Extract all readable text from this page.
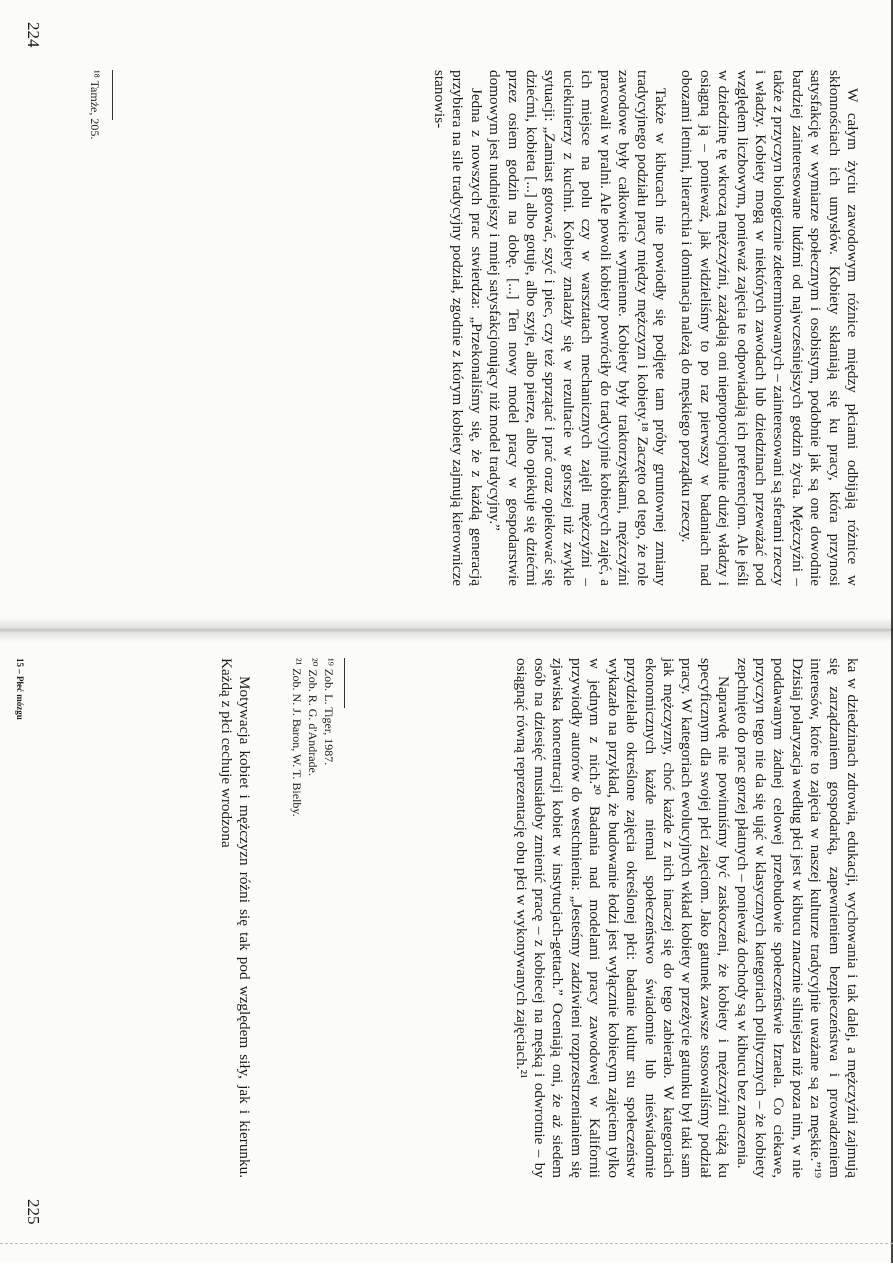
W całym życiu zawodowym różnice między płciami odbijają różnice w skłonnościach ich umysłów. Kobiety skłaniają się ku pracy, która przynosi satysfakcję w wymiarze społecznym i osobistym, podobnie jak są one dowodnie bardziej zainteresowane ludźmi od najwcześniejszych godzin życia. Mężczyźni – także z przyczyn biologicznie zdeterminowanych – zainteresowani są sferami rzeczy i władzy. Kobiety mogą w niektórych zawodach lub dziedzinach przeważać pod względem liczbowym, ponieważ zajęcia te odpowiadają ich preferencjom. Ale jeśli w dziedzinę tę wkroczą mężczyźni, zażądają oni nieproporcjonalnie dużej władzy i osiągną ją – ponieważ, jak widzieliśmy to po raz pierwszy w badaniach nad obozami letnimi, hierarchia i dominacja należą do męskiego porządku rzeczy.

Także w kibucach nie powiodły się podjęte tam próby gruntownej zmiany tradycyjnego podziału pracy między mężczyzn i kobiety.¹⁸ Zaczęto od tego, że role zawodowe były całkowicie wymienne. Kobiety były traktorzystkami, mężczyźni pracowali w pralni. Ale powoli kobiety powróciły do tradycyjnie kobiecych zajęć, a ich miejsce na polu czy w warsztatach mechanicznych zajęli mężczyźni – uciekinierzy z kuchni. Kobiety znalazły się w rezultacie w gorszej niż zwykle sytuacji: „Zamiast gotować, szyć i piec, czy też sprzątać i prać oraz opiekować się dziećmi, kobieta [...] albo gotuje, albo szyje, albo pierze, albo opiekuje się dziećmi przez osiem godzin na dobę. [...] Ten nowy model pracy w gospodarstwie domowym jest nudniejszy i mniej satysfakcjonujący niż model tradycyjny.”

Jedna z nowszych prac stwierdza: „Przekonaliśmy się, że z każdą generacją przybiera na sile tradycyjny podział, zgodnie z którym kobiety zajmują kierownicze stanowis-

¹⁸ Tamże, 205.
224

ka w dziedzinach zdrowia, edukacji, wychowania i tak dalej, a mężczyźni zajmują się zarządzaniem gospodarką, zapewnieniem bezpieczeństwa i prowadzeniem interesów, które to zajęcia w naszej kulturze tradycyjnie uważane są za męskie.”¹⁹ Dzisiaj polaryzacja według płci jest w kibucu znacznie silniejsza niż poza nim, w nie poddawanym żadnej celowej przebudowie społeczeństwie Izraela. Co ciekawe, przyczyn tego nie da się ująć w klasycznych kategoriach politycznych – że kobiety zepchnięto do prac gorzej płatnych – ponieważ dochody są w kibucu bez znaczenia.

Naprawdę nie powinniśmy być zaskoczeni, że kobiety i mężczyźni ciążą ku specyficznym dla swojej płci zajęciom. Jako gatunek zawsze stosowaliśmy podział pracy. W kategoriach ewolucyjnych wkład kobiety w przeżycie gatunku był taki sam jak mężczyzny, choć każde z nich inaczej się do tego zabierało. W kategoriach ekonomicznych każde niemal społeczeństwo świadomie lub nieświadomie przydzielało określone zajęcia określonej płci: badanie kultur stu społeczeństw wykazało na przykład, że budowanie łodzi jest wyłącznie kobiecym zajęciem tylko w jednym z nich.²⁰ Badania nad modelami pracy zawodowej w Kalifornii przywiodły autorów do westchnienia: „Jesteśmy zadziwieni rozprzestrzenianiem się zjawiska koncentracji kobiet w instytucjach-gettach.” Oceniają oni, że aż siedem osób na dziesięć musiałoby zmienić pracę – z kobiecej na męską i odwrotnie – by osiągnąć równą reprezentację obu płci w wykonywanych zajęciach.²¹

¹⁹ Zob. L. Tiger, 1987.
²⁰ Zob. R. G. d'Andrade.
²¹ Zob. N. J. Baron, W. T. Bielby.

Motywacja kobiet i mężczyzn różni się tak pod względem siły, jak i kierunku. Każdą z płci cechuje wrodzona

15 – Płeć mózgu
225
